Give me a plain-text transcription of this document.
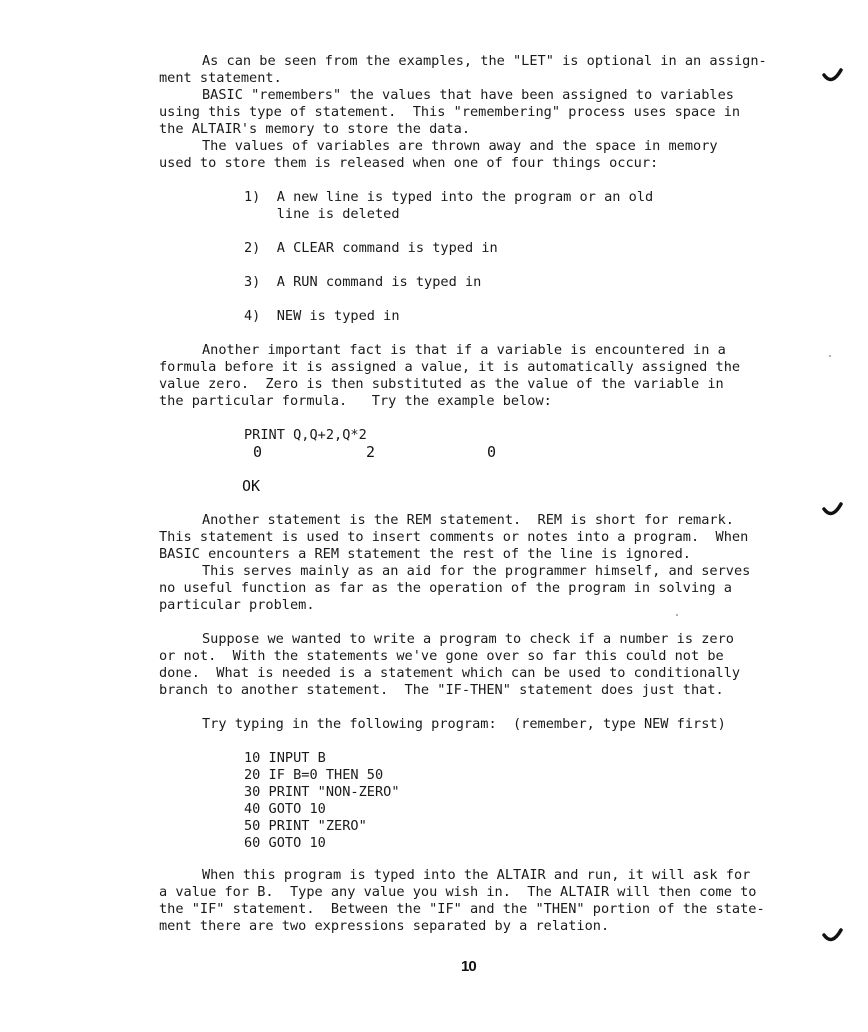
As can be seen from the examples, the "LET" is optional in an assign-
ment statement.
BASIC "remembers" the values that have been assigned to variables
using this type of statement.  This "remembering" process uses space in
the ALTAIR's memory to store the data.
The values of variables are thrown away and the space in memory
used to store them is released when one of four things occur:
1)  A new line is typed into the program or an old
line is deleted
2)  A CLEAR command is typed in
3)  A RUN command is typed in
4)  NEW is typed in
Another important fact is that if a variable is encountered in a
formula before it is assigned a value, it is automatically assigned the
value zero.  Zero is then substituted as the value of the variable in
the particular formula.   Try the example below:
PRINT Q,Q+2,Q*2
0	2	0
OK
Another statement is the REM statement.  REM is short for remark.
This statement is used to insert comments or notes into a program.  When
BASIC encounters a REM statement the rest of the line is ignored.
This serves mainly as an aid for the programmer himself, and serves
no useful function as far as the operation of the program in solving a
particular problem.
Suppose we wanted to write a program to check if a number is zero
or not.  With the statements we've gone over so far this could not be
done.  What is needed is a statement which can be used to conditionally
branch to another statement.  The "IF-THEN" statement does just that.
Try typing in the following program:  (remember, type NEW first)
10 INPUT B
20 IF B=0 THEN 50
30 PRINT "NON-ZERO"
40 GOTO 10
50 PRINT "ZERO"
60 GOTO 10
When this program is typed into the ALTAIR and run, it will ask for
a value for B.  Type any value you wish in.  The ALTAIR will then come to
the "IF" statement.  Between the "IF" and the "THEN" portion of the state-
ment there are two expressions separated by a relation.
10
